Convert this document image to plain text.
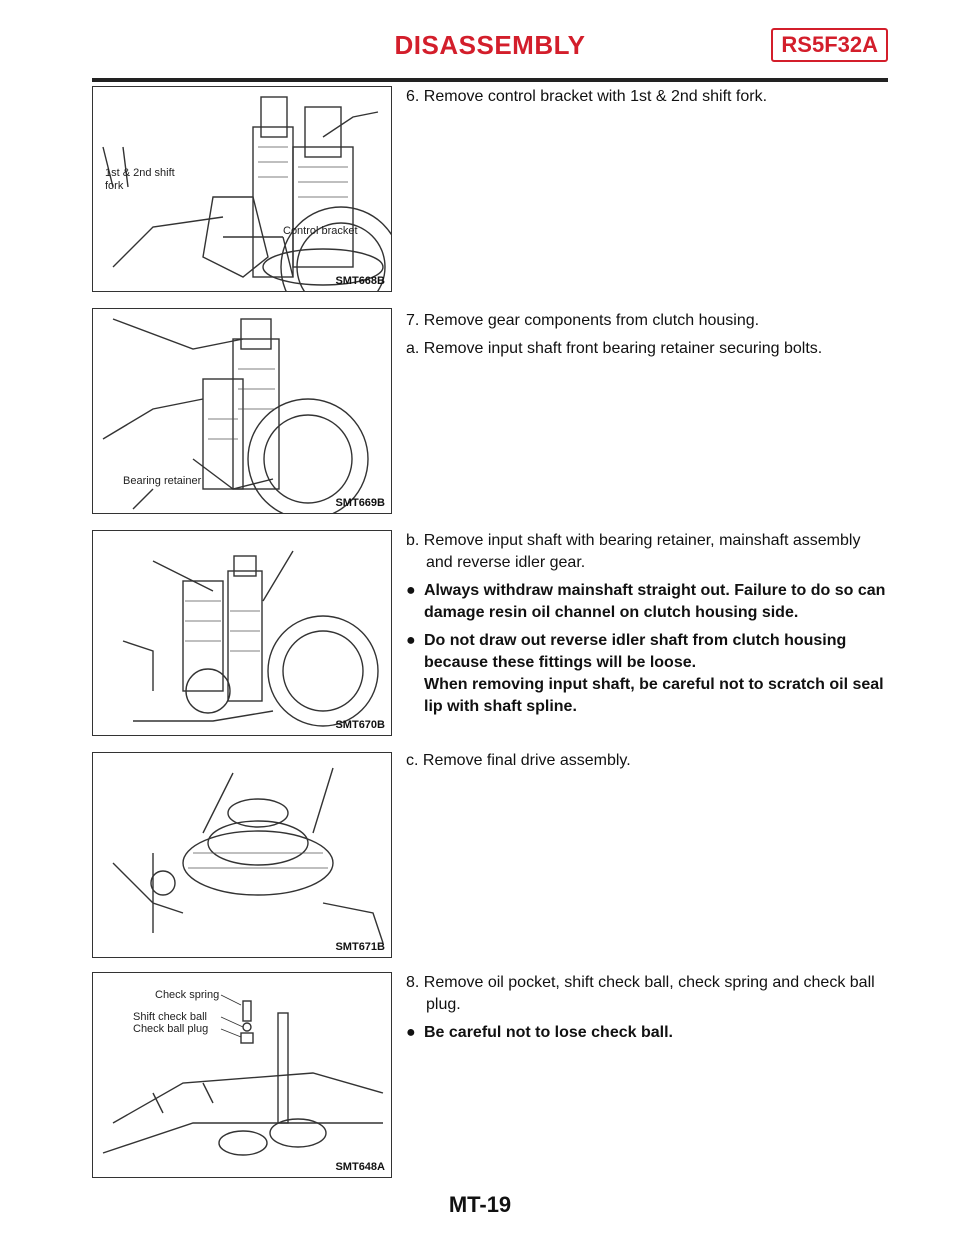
DISASSEMBLY	RS5F32A
1st & 2nd shift
fork
Control bracket
SMT668B
Bearing retainer
SMT669B
SMT670B
SMT671B
Check spring
Shift check ball
Check ball plug
SMT648A

6. Remove control bracket with 1st & 2nd shift fork.

7. Remove gear components from clutch housing.

a. Remove input shaft front bearing retainer securing bolts.

b. Remove input shaft with bearing retainer, mainshaft assembly and reverse idler gear.

● Always withdraw mainshaft straight out. Failure to do so can damage resin oil channel on clutch housing side.
● Do not draw out reverse idler shaft from clutch housing because these fittings will be loose.
When removing input shaft, be careful not to scratch oil seal lip with shaft spline.

c. Remove final drive assembly.

8. Remove oil pocket, shift check ball, check spring and check ball plug.

● Be careful not to lose check ball.
MT-19
